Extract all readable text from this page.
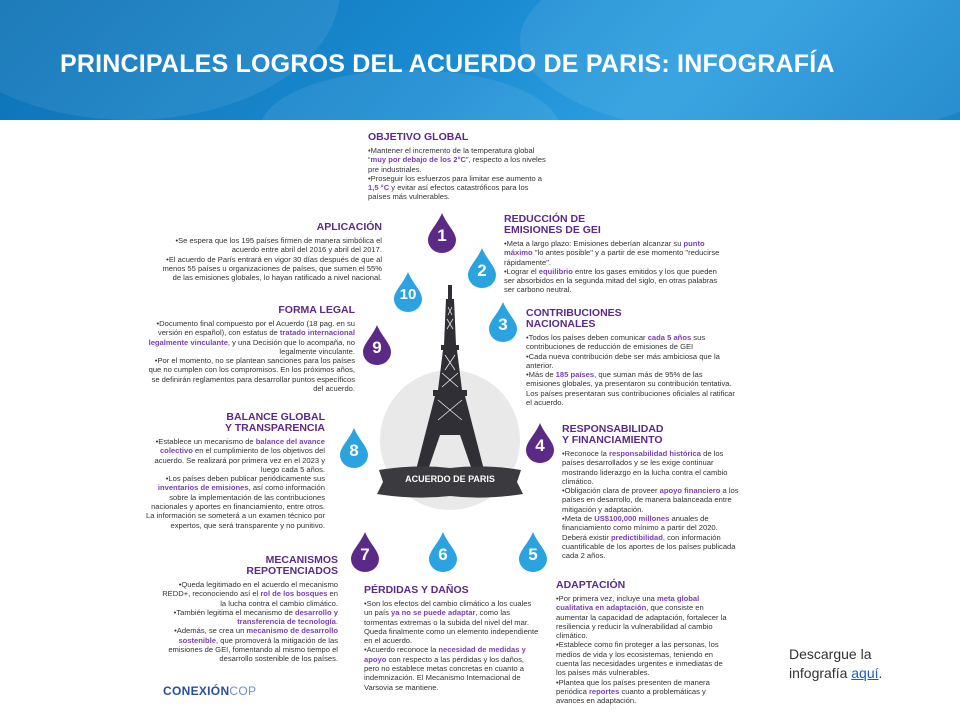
PRINCIPALES LOGROS DEL ACUERDO DE PARIS: INFOGRAFÍA
ACUERDO DE PARIS
1
2
3
4
5
6
7
8
9
10
OBJETIVO GLOBAL

•Mantener el incremento de la temperatura global “muy por debajo de los 2°C”, respecto a los niveles pre industriales.

•Proseguir los esfuerzos para limitar ese aumento a 1,5 °C y evitar así efectos catastróficos para los países más vulnerables.

APLICACIÓN

•Se espera que los 195 países firmen de manera simbólica el acuerdo entre abril del 2016 y abril del 2017.

•El acuerdo de París entrará en vigor 30 días después de que al menos 55 países u organizaciones de países, que sumen el 55% de las emisiones globales, lo hayan ratificado a nivel nacional.

REDUCCIÓN DE
EMISIONES DE GEI

•Meta a largo plazo: Emisiones deberían alcanzar su punto máximo "lo antes posible" y a partir de ese momento "reducirse rápidamente".

•Lograr el equilibrio entre los gases emitidos y los que pueden ser absorbidos en la segunda mitad del siglo, en otras palabras ser carbono neutral.

FORMA LEGAL

•Documento final compuesto por el Acuerdo (18 pag. en su versión en español), con estatus de tratado internacional legalmente vinculante, y una Decisión que lo acompaña, no legalmente vinculante.

•Por el momento, no se plantean sanciones para los países que no cumplen con los compromisos. En los próximos años, se definirán reglamentos para desarrollar puntos específicos del acuerdo.

CONTRIBUCIONES
NACIONALES

•Todos los países deben comunicar cada 5 años sus contribuciones de reducción de emisiones de GEI

•Cada nueva contribución debe ser más ambiciosa que la anterior.

•Más de 185 países, que suman más de 95% de las emisiones globales, ya presentaron su contribución tentativa. Los países presentaran sus contribuciones oficiales al ratificar el acuerdo.

BALANCE GLOBAL
Y TRANSPARENCIA

•Establece un mecanismo de balance del avance colectivo en el cumplimiento de los objetivos del acuerdo. Se realizará por primera vez en el 2023 y luego cada 5 años.

•Los países deben publicar periódicamente sus inventarios de emisiones, así como información sobre la implementación de las contribuciones nacionales y aportes en financiamiento, entre otros. La información se someterá a un examen técnico por expertos, que será transparente y no punitivo.

RESPONSABILIDAD
Y FINANCIAMIENTO

•Reconoce la responsabilidad histórica de los países desarrollados y se les exige continuar mostrando liderazgo en la lucha contra el cambio climático.

•Obligación clara de proveer apoyo financiero a los países en desarrollo, de manera balanceada entre mitigación y adaptación.

•Meta de US$100,000 millones anuales de financiamiento como mínimo a partir del 2020. Deberá existir predictibilidad, con información cuantificable de los aportes de los países publicada cada 2 años.

MECANISMOS
REPOTENCIADOS

•Queda legitimado en el acuerdo el mecanismo REDD+, reconociendo así el rol de los bosques en la lucha contra el cambio climático.

•También legitima el mecanismo de desarrollo y transferencia de tecnología.

•Además, se crea un mecanismo de desarrollo sostenible, que promoverá la mitigación de las emisiones de GEI, fomentando al mismo tiempo el desarrollo sostenible de los países.

PÉRDIDAS Y DAÑOS

•Son los efectos del cambio climático a los cuales un país ya no se puede adaptar, como las tormentas extremas o la subida del nivel del mar. Queda finalmente como un elemento independiente en el acuerdo.

•Acuerdo reconoce la necesidad de medidas y apoyo con respecto a las pérdidas y los daños, pero no establece metas concretas en cuanto a indemnización. El Mecanismo Internacional de Varsovia se mantiene.

ADAPTACIÓN

•Por primera vez, incluye una meta global cualitativa en adaptación, que consiste en aumentar la capacidad de adaptación, fortalecer la resiliencia y reducir la vulnerabilidad al cambio climático.

•Establece como fin proteger a las personas, los medios de vida y los ecosistemas, teniendo en cuenta las necesidades urgentes e inmediatas de los países más vulnerables.

•Plantea que los países presenten de manera periódica reportes cuanto a problemáticas y avances en adaptación.

CONEXIÓNCOP
Descargue la
infografía aquí.
